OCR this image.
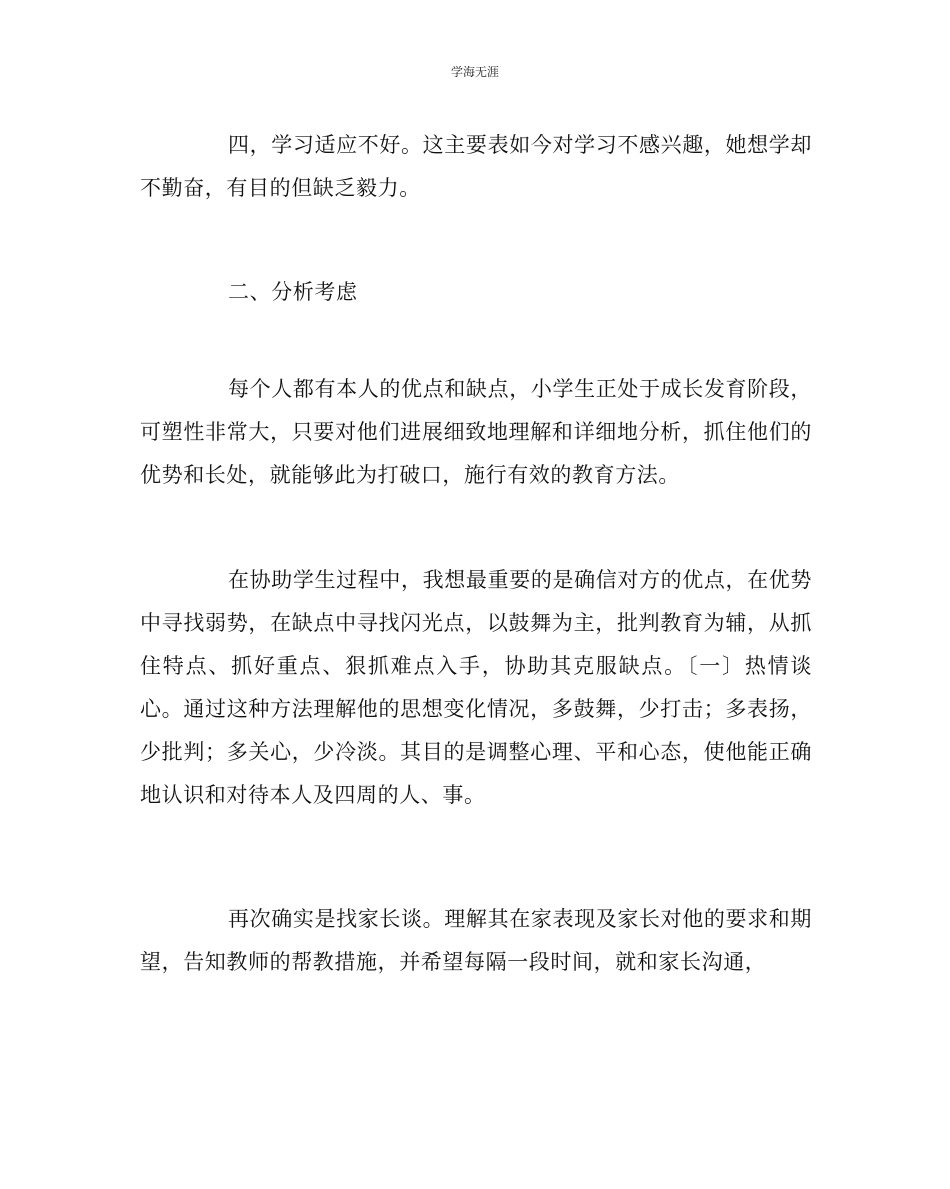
学海无涯

四，学习适应不好。这主要表如今对学习不感兴趣，她想学却不勤奋，有目的但缺乏毅力。

二、分析考虑

每个人都有本人的优点和缺点，小学生正处于成长发育阶段，可塑性非常大，只要对他们进展细致地理解和详细地分析，抓住他们的优势和长处，就能够此为打破口，施行有效的教育方法。

在协助学生过程中，我想最重要的是确信对方的优点，在优势中寻找弱势，在缺点中寻找闪光点，以鼓舞为主，批判教育为辅，从抓住特点、抓好重点、狠抓难点入手，协助其克服缺点。〔一〕热情谈心。通过这种方法理解他的思想变化情况，多鼓舞，少打击；多表扬，少批判；多关心，少冷淡。其目的是调整心理、平和心态，使他能正确地认识和对待本人及四周的人、事。

再次确实是找家长谈。理解其在家表现及家长对他的要求和期望，告知教师的帮教措施，并希望每隔一段时间，就和家长沟通，
